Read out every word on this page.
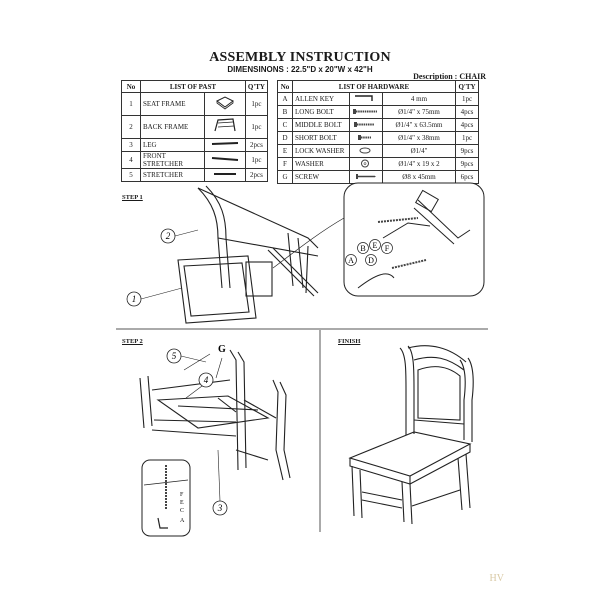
ASSEMBLY INSTRUCTION
DIMENSINONS : 22.5"D x 20"W x 42"H
Description : CHAIR
No	LIST OF PAST		Q'TY
1	SEAT FRAME		1pc
2	BACK FRAME		1pc
3	LEG		2pcs
4	FRONT STRETCHER		1pc
5	STRETCHER		2pcs
No	LIST OF HARDWARE			Q'TY
A	ALLEN KEY		4 mm	1pc
B	LONG BOLT		Ø1/4" x 75mm	4pcs
C	MIDDLE BOLT		Ø1/4" x 63.5mm	4pcs
D	SHORT BOLT		Ø1/4" x 38mm	1pc
E	LOCK WASHER		Ø1/4"	9pcs
F	WASHER		Ø1/4" x 19 x 2	9pcs
G	SCREW		Ø8 x 45mm	6pcs
STEP 1
STEP 2	FINISH
2
1
B E F
A D
G
5
4
3
F
E
C
A
HV
